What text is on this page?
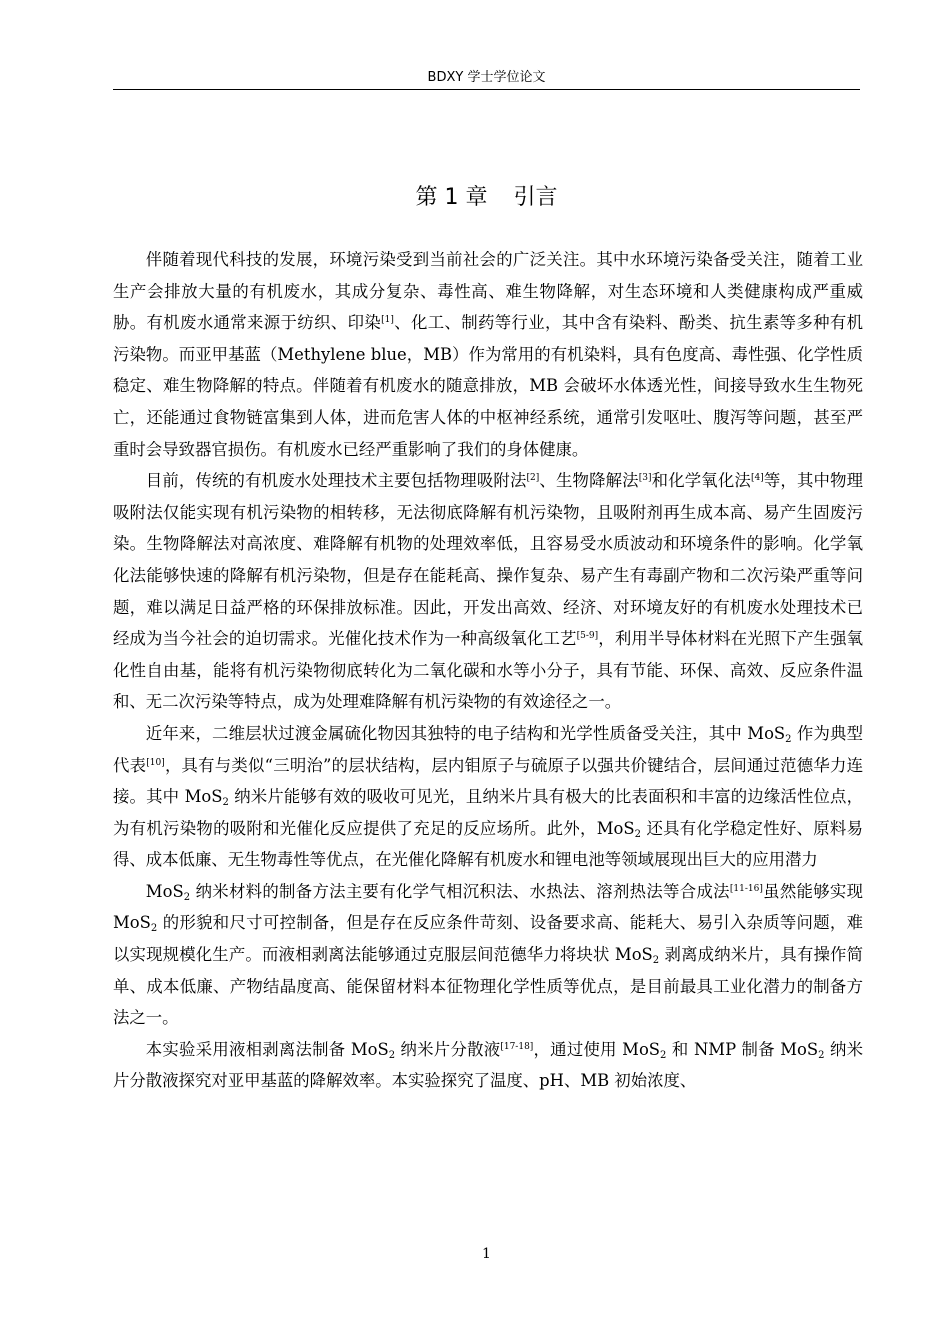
BDXY 学士学位论文
第 1 章 引言

伴随着现代科技的发展，环境污染受到当前社会的广泛关注。其中水环境污染备受关注，随着工业生产会排放大量的有机废水，其成分复杂、毒性高、难生物降解，对生态环境和人类健康构成严重威胁。有机废水通常来源于纺织、印染[1]、化工、制药等行业，其中含有染料、酚类、抗生素等多种有机污染物。而亚甲基蓝（Methylene blue，MB）作为常用的有机染料，具有色度高、毒性强、化学性质稳定、难生物降解的特点。伴随着有机废水的随意排放，MB 会破坏水体透光性，间接导致水生生物死亡，还能通过食物链富集到人体，进而危害人体的中枢神经系统，通常引发呕吐、腹泻等问题，甚至严重时会导致器官损伤。有机废水已经严重影响了我们的身体健康。

目前，传统的有机废水处理技术主要包括物理吸附法[2]、生物降解法[3]和化学氧化法[4]等，其中物理吸附法仅能实现有机污染物的相转移，无法彻底降解有机污染物，且吸附剂再生成本高、易产生固废污染。生物降解法对高浓度、难降解有机物的处理效率低，且容易受水质波动和环境条件的影响。化学氧化法能够快速的降解有机污染物，但是存在能耗高、操作复杂、易产生有毒副产物和二次污染严重等问题，难以满足日益严格的环保排放标准。因此，开发出高效、经济、对环境友好的有机废水处理技术已经成为当今社会的迫切需求。光催化技术作为一种高级氧化工艺[5-9]，利用半导体材料在光照下产生强氧化性自由基，能将有机污染物彻底转化为二氧化碳和水等小分子，具有节能、环保、高效、反应条件温和、无二次污染等特点，成为处理难降解有机污染物的有效途径之一。

近年来，二维层状过渡金属硫化物因其独特的电子结构和光学性质备受关注，其中 MoS$_2$ 作为典型代表[10]，具有与类似“三明治”的层状结构，层内钼原子与硫原子以强共价键结合，层间通过范德华力连接。其中 MoS$_2$ 纳米片能够有效的吸收可见光，且纳米片具有极大的比表面积和丰富的边缘活性位点，为有机污染物的吸附和光催化反应提供了充足的反应场所。此外，MoS$_2$ 还具有化学稳定性好、原料易得、成本低廉、无生物毒性等优点，在光催化降解有机废水和锂电池等领域展现出巨大的应用潜力

MoS$_2$ 纳米材料的制备方法主要有化学气相沉积法、水热法、溶剂热法等合成法[11-16]虽然能够实现 MoS$_2$ 的形貌和尺寸可控制备，但是存在反应条件苛刻、设备要求高、能耗大、易引入杂质等问题，难以实现规模化生产。而液相剥离法能够通过克服层间范德华力将块状 MoS$_2$ 剥离成纳米片，具有操作简单、成本低廉、产物结晶度高、能保留材料本征物理化学性质等优点，是目前最具工业化潜力的制备方法之一。

本实验采用液相剥离法制备 MoS$_2$ 纳米片分散液[17-18]，通过使用 MoS$_2$ 和 NMP 制备 MoS$_2$ 纳米片分散液探究对亚甲基蓝的降解效率。本实验探究了温度、pH、MB 初始浓度、

1
